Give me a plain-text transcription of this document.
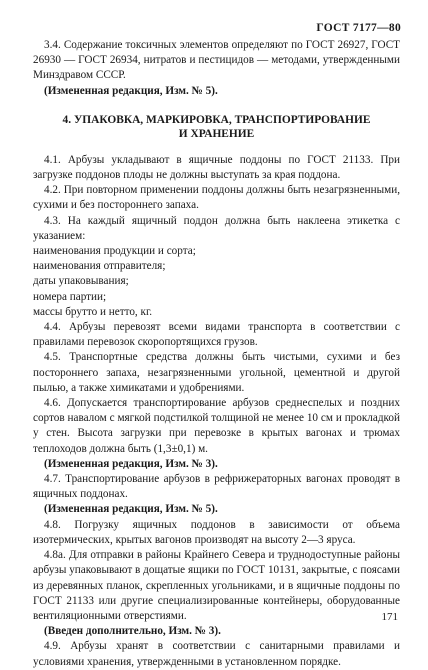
ГОСТ 7177—80

3.4. Содержание токсичных элементов определяют по ГОСТ 26927, ГОСТ 26930 — ГОСТ 26934, нитратов и пестицидов — методами, утвержденными Минздравом СССР.

(Измененная редакция, Изм. № 5).

4. УПАКОВКА, МАРКИРОВКА, ТРАНСПОРТИРОВАНИЕ
И ХРАНЕНИЕ

4.1. Арбузы укладывают в ящичные поддоны по ГОСТ 21133. При загрузке поддонов плоды не должны выступать за края поддона.

4.2. При повторном применении поддоны должны быть незагрязненными, сухими и без постороннего запаха.

4.3. На каждый ящичный поддон должна быть наклеена этикетка с указанием:

наименования продукции и сорта;

наименования отправителя;

даты упаковывания;

номера партии;

массы брутто и нетто, кг.

4.4. Арбузы перевозят всеми видами транспорта в соответствии с правилами перевозок скоропортящихся грузов.

4.5. Транспортные средства должны быть чистыми, сухими и без постороннего запаха, незагрязненными угольной, цементной и другой пылью, а также химикатами и удобрениями.

4.6. Допускается транспортирование арбузов среднеспелых и поздних сортов навалом с мягкой подстилкой толщиной не менее 10 см и прокладкой у стен. Высота загрузки при перевозке в крытых вагонах и трюмах теплоходов должна быть (1,3±0,1) м.

(Измененная редакция, Изм. № 3).

4.7. Транспортирование арбузов в рефрижераторных вагонах проводят в ящичных поддонах.

(Измененная редакция, Изм. № 5).

4.8. Погрузку ящичных поддонов в зависимости от объема изотермических, крытых вагонов производят на высоту 2—3 яруса.

4.8а. Для отправки в районы Крайнего Севера и труднодоступные районы арбузы упаковывают в дощатые ящики по ГОСТ 10131, закрытые, с поясами из деревянных планок, скрепленных угольниками, и в ящичные поддоны по ГОСТ 21133 или другие специализированные контейнеры, оборудованные вентиляционными отверстиями.

(Введен дополнительно, Изм. № 3).

4.9. Арбузы хранят в соответствии с санитарными правилами и условиями хранения, утвержденными в установленном порядке.

171
